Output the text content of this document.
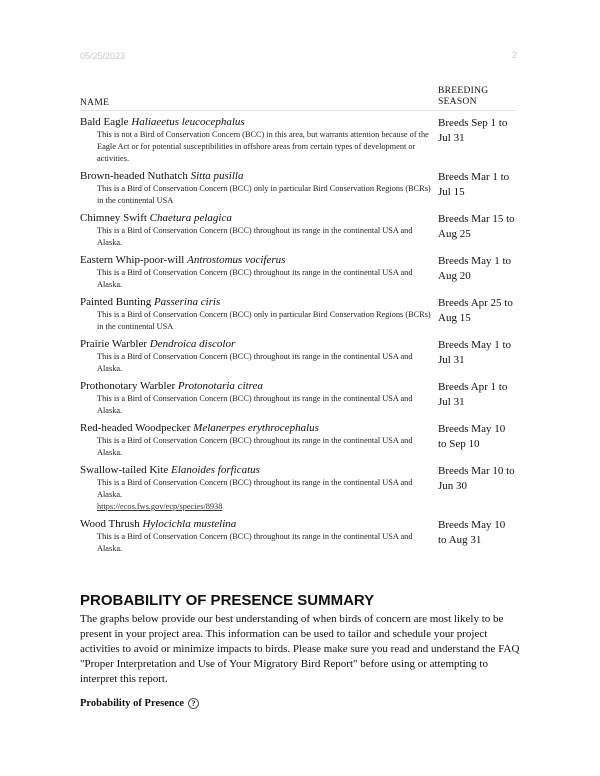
05/25/2023	2
NAME
BREEDING
SEASON
Bald Eagle Haliaeetus leucocephalus
This is not a Bird of Conservation Concern (BCC) in this area, but warrants attention because of the Eagle Act or for potential susceptibilities in offshore areas from certain types of development or activities.
Breeds Sep 1 to Jul 31
Brown-headed Nuthatch Sitta pusilla
This is a Bird of Conservation Concern (BCC) only in particular Bird Conservation Regions (BCRs) in the continental USA
Breeds Mar 1 to Jul 15
Chimney Swift Chaetura pelagica
This is a Bird of Conservation Concern (BCC) throughout its range in the continental USA and Alaska.
Breeds Mar 15 to Aug 25
Eastern Whip-poor-will Antrostomus vociferus
This is a Bird of Conservation Concern (BCC) throughout its range in the continental USA and Alaska.
Breeds May 1 to Aug 20
Painted Bunting Passerina ciris
This is a Bird of Conservation Concern (BCC) only in particular Bird Conservation Regions (BCRs) in the continental USA
Breeds Apr 25 to Aug 15
Prairie Warbler Dendroica discolor
This is a Bird of Conservation Concern (BCC) throughout its range in the continental USA and Alaska.
Breeds May 1 to Jul 31
Prothonotary Warbler Protonotaria citrea
This is a Bird of Conservation Concern (BCC) throughout its range in the continental USA and Alaska.
Breeds Apr 1 to Jul 31
Red-headed Woodpecker Melanerpes erythrocephalus
This is a Bird of Conservation Concern (BCC) throughout its range in the continental USA and Alaska.
Breeds May 10 to Sep 10
Swallow-tailed Kite Elanoides forficatus
This is a Bird of Conservation Concern (BCC) throughout its range in the continental USA and Alaska.
https://ecos.fws.gov/ecp/species/8938
Breeds Mar 10 to Jun 30
Wood Thrush Hylocichla mustelina
This is a Bird of Conservation Concern (BCC) throughout its range in the continental USA and Alaska.
Breeds May 10 to Aug 31
PROBABILITY OF PRESENCE SUMMARY

The graphs below provide our best understanding of when birds of concern are most likely to be present in your project area. This information can be used to tailor and schedule your project activities to avoid or minimize impacts to birds. Please make sure you read and understand the FAQ "Proper Interpretation and Use of Your Migratory Bird Report" before using or attempting to interpret this report.

Probability of Presence ?
